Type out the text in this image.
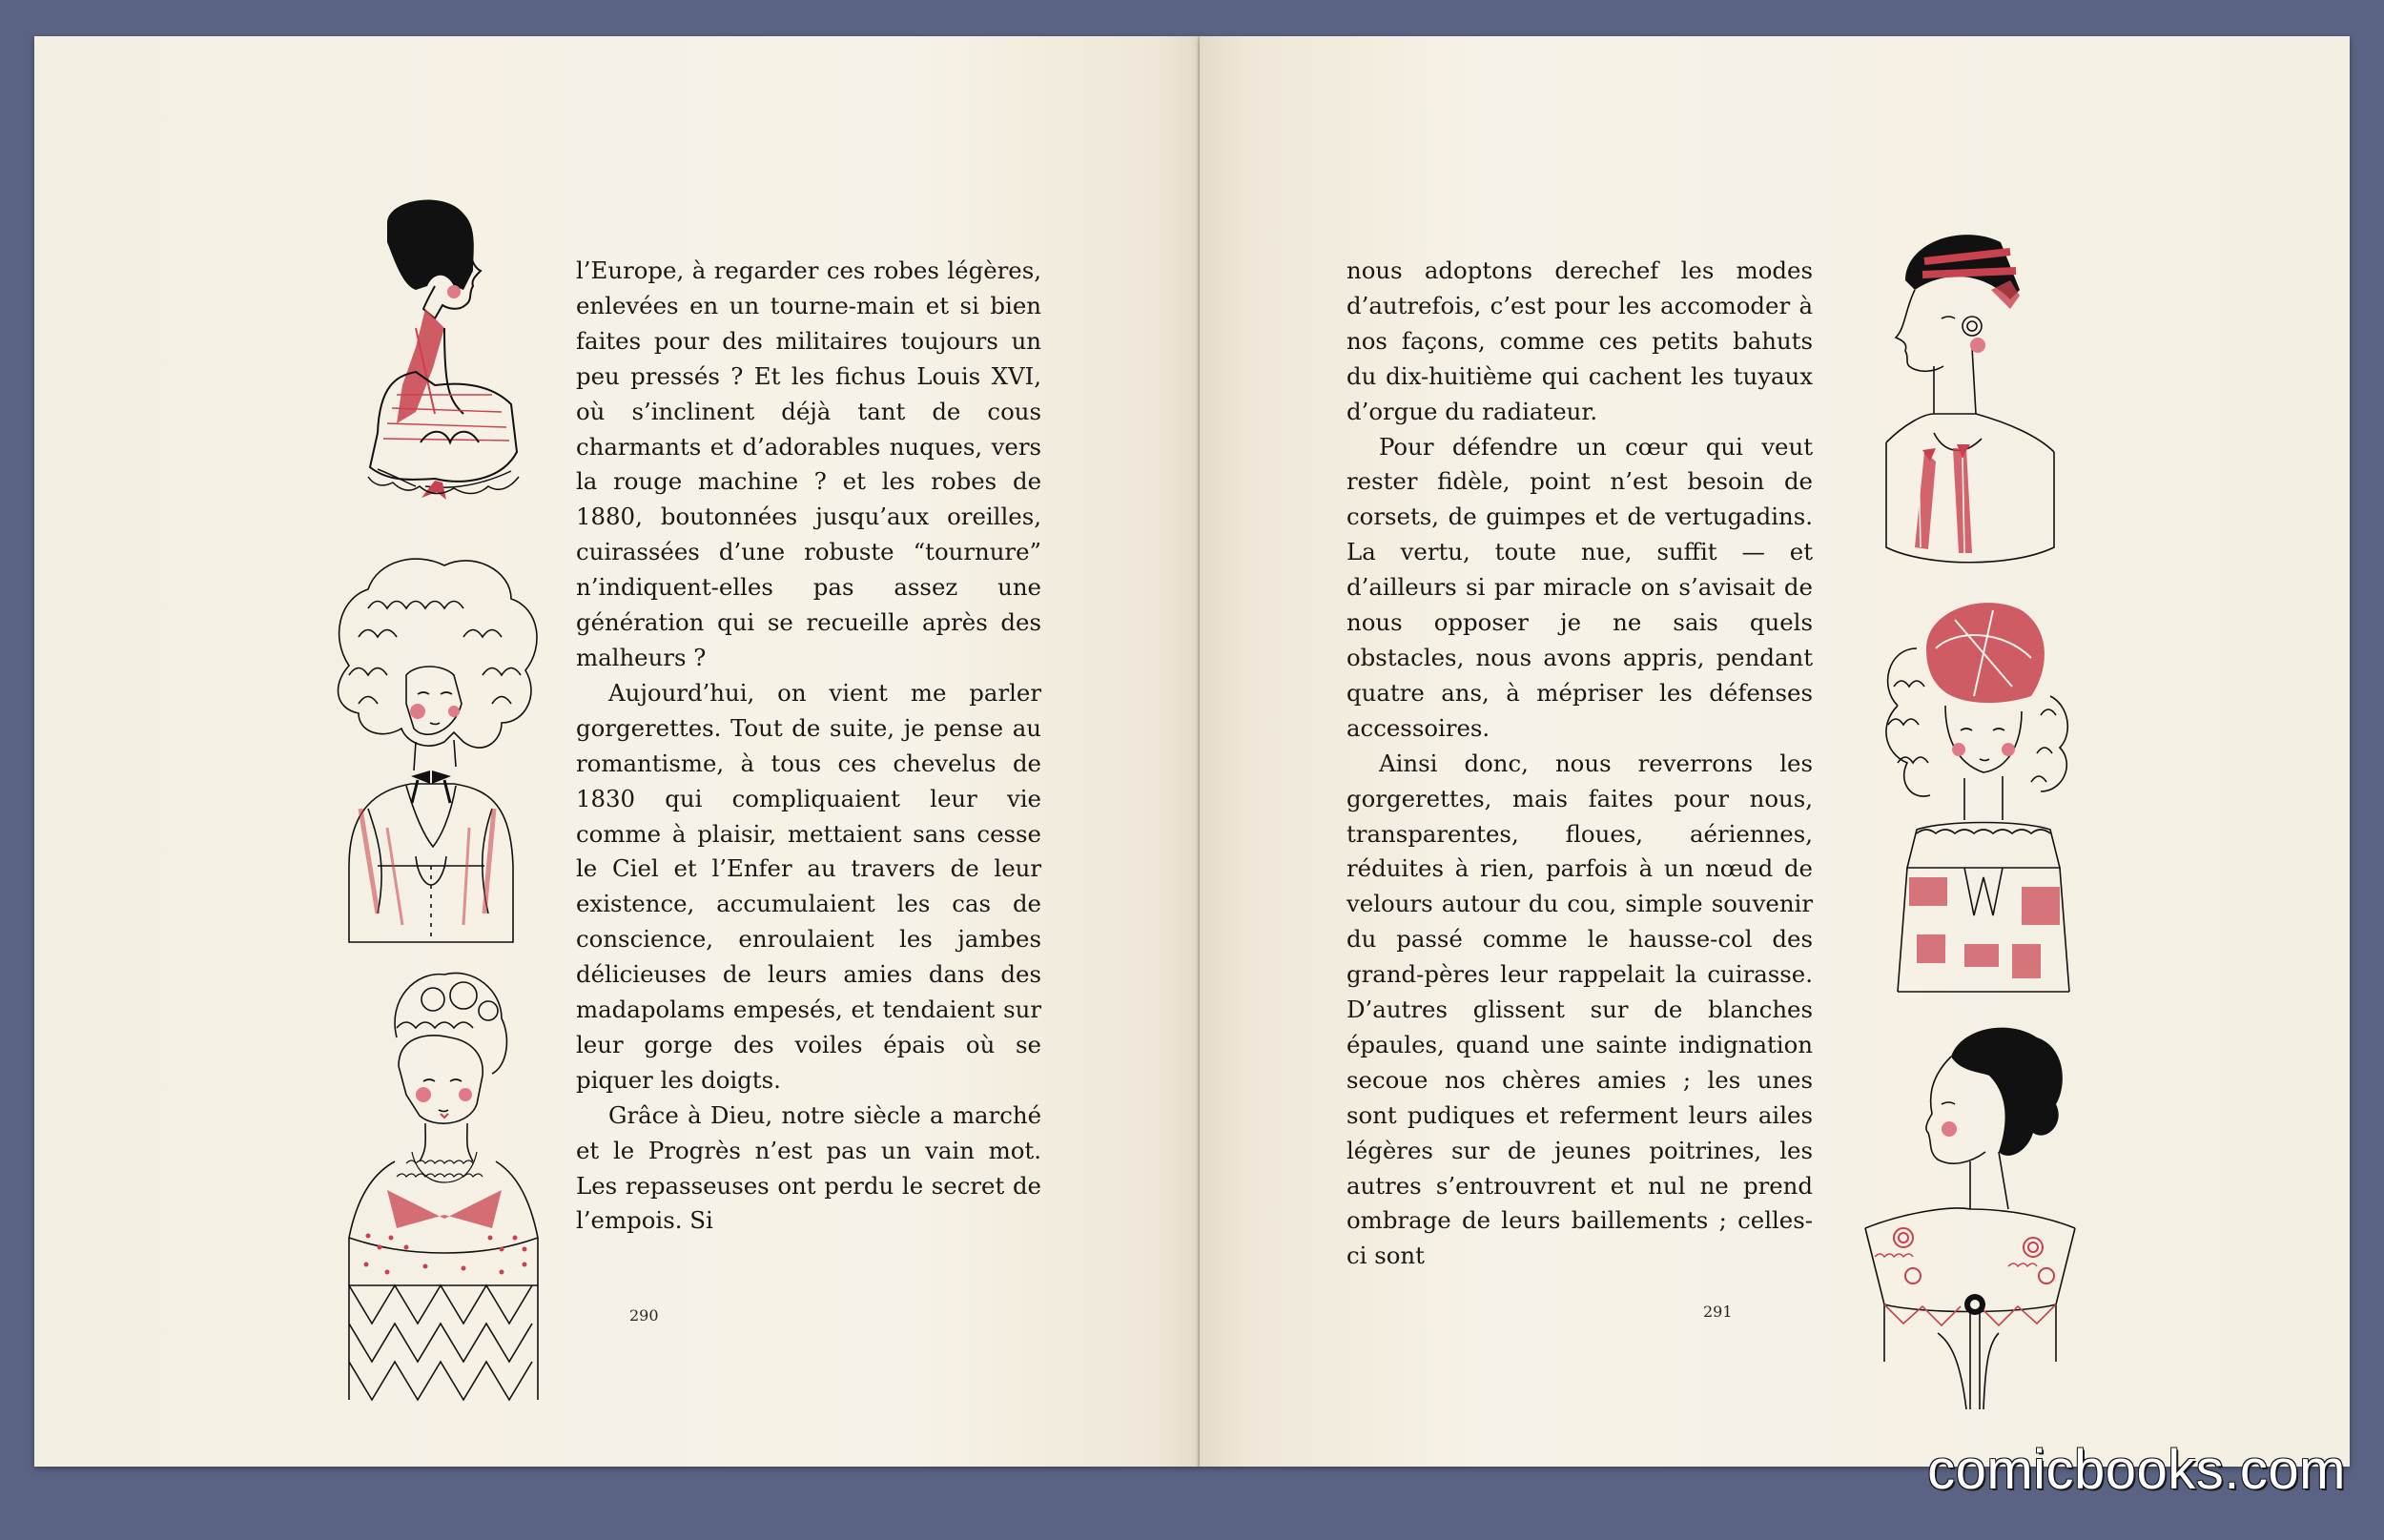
l’Europe, à regarder ces robes légères, enlevées en un tourne-main et si bien faites pour des militaires toujours un peu pressés ? Et les fichus Louis XVI, où s’inclinent déjà tant de cous charmants et d’adorables nuques, vers la rouge machine ? et les robes de 1880, boutonnées jusqu’aux oreilles, cuirassées d’une robuste “tournure” n’indiquent-elles pas assez une génération qui se recueille après des malheurs ?

Aujourd’hui, on vient me parler gorgerettes. Tout de suite, je pense au romantisme, à tous ces chevelus de 1830 qui compliquaient leur vie comme à plaisir, mettaient sans cesse le Ciel et l’Enfer au travers de leur existence, accumulaient les cas de conscience, enroulaient les jambes délicieuses de leurs amies dans des madapolams empesés, et tendaient sur leur gorge des voiles épais où se piquer les doigts.

Grâce à Dieu, notre siècle a marché et le Progrès n’est pas un vain mot. Les repasseuses ont perdu le secret de l’empois. Si

290

nous adoptons derechef les modes d’autrefois, c’est pour les accomoder à nos façons, comme ces petits bahuts du dix-huitième qui cachent les tuyaux d’orgue du radiateur.

Pour défendre un cœur qui veut rester fidèle, point n’est besoin de corsets, de guimpes et de vertugadins. La vertu, toute nue, suffit — et d’ailleurs si par miracle on s’avisait de nous opposer je ne sais quels obstacles, nous avons appris, pendant quatre ans, à mépriser les défenses accessoires.

Ainsi donc, nous reverrons les gorgerettes, mais faites pour nous, transparentes, floues, aériennes, réduites à rien, parfois à un nœud de velours autour du cou, simple souvenir du passé comme le hausse-col des grand-pères leur rappelait la cuirasse. D’autres glissent sur de blanches épaules, quand une sainte indignation secoue nos chères amies ; les unes sont pudiques et referment leurs ailes légères sur de jeunes poitrines, les autres s’entrouvrent et nul ne prend ombrage de leurs baillements ; celles-ci sont

291
comicbooks.com
